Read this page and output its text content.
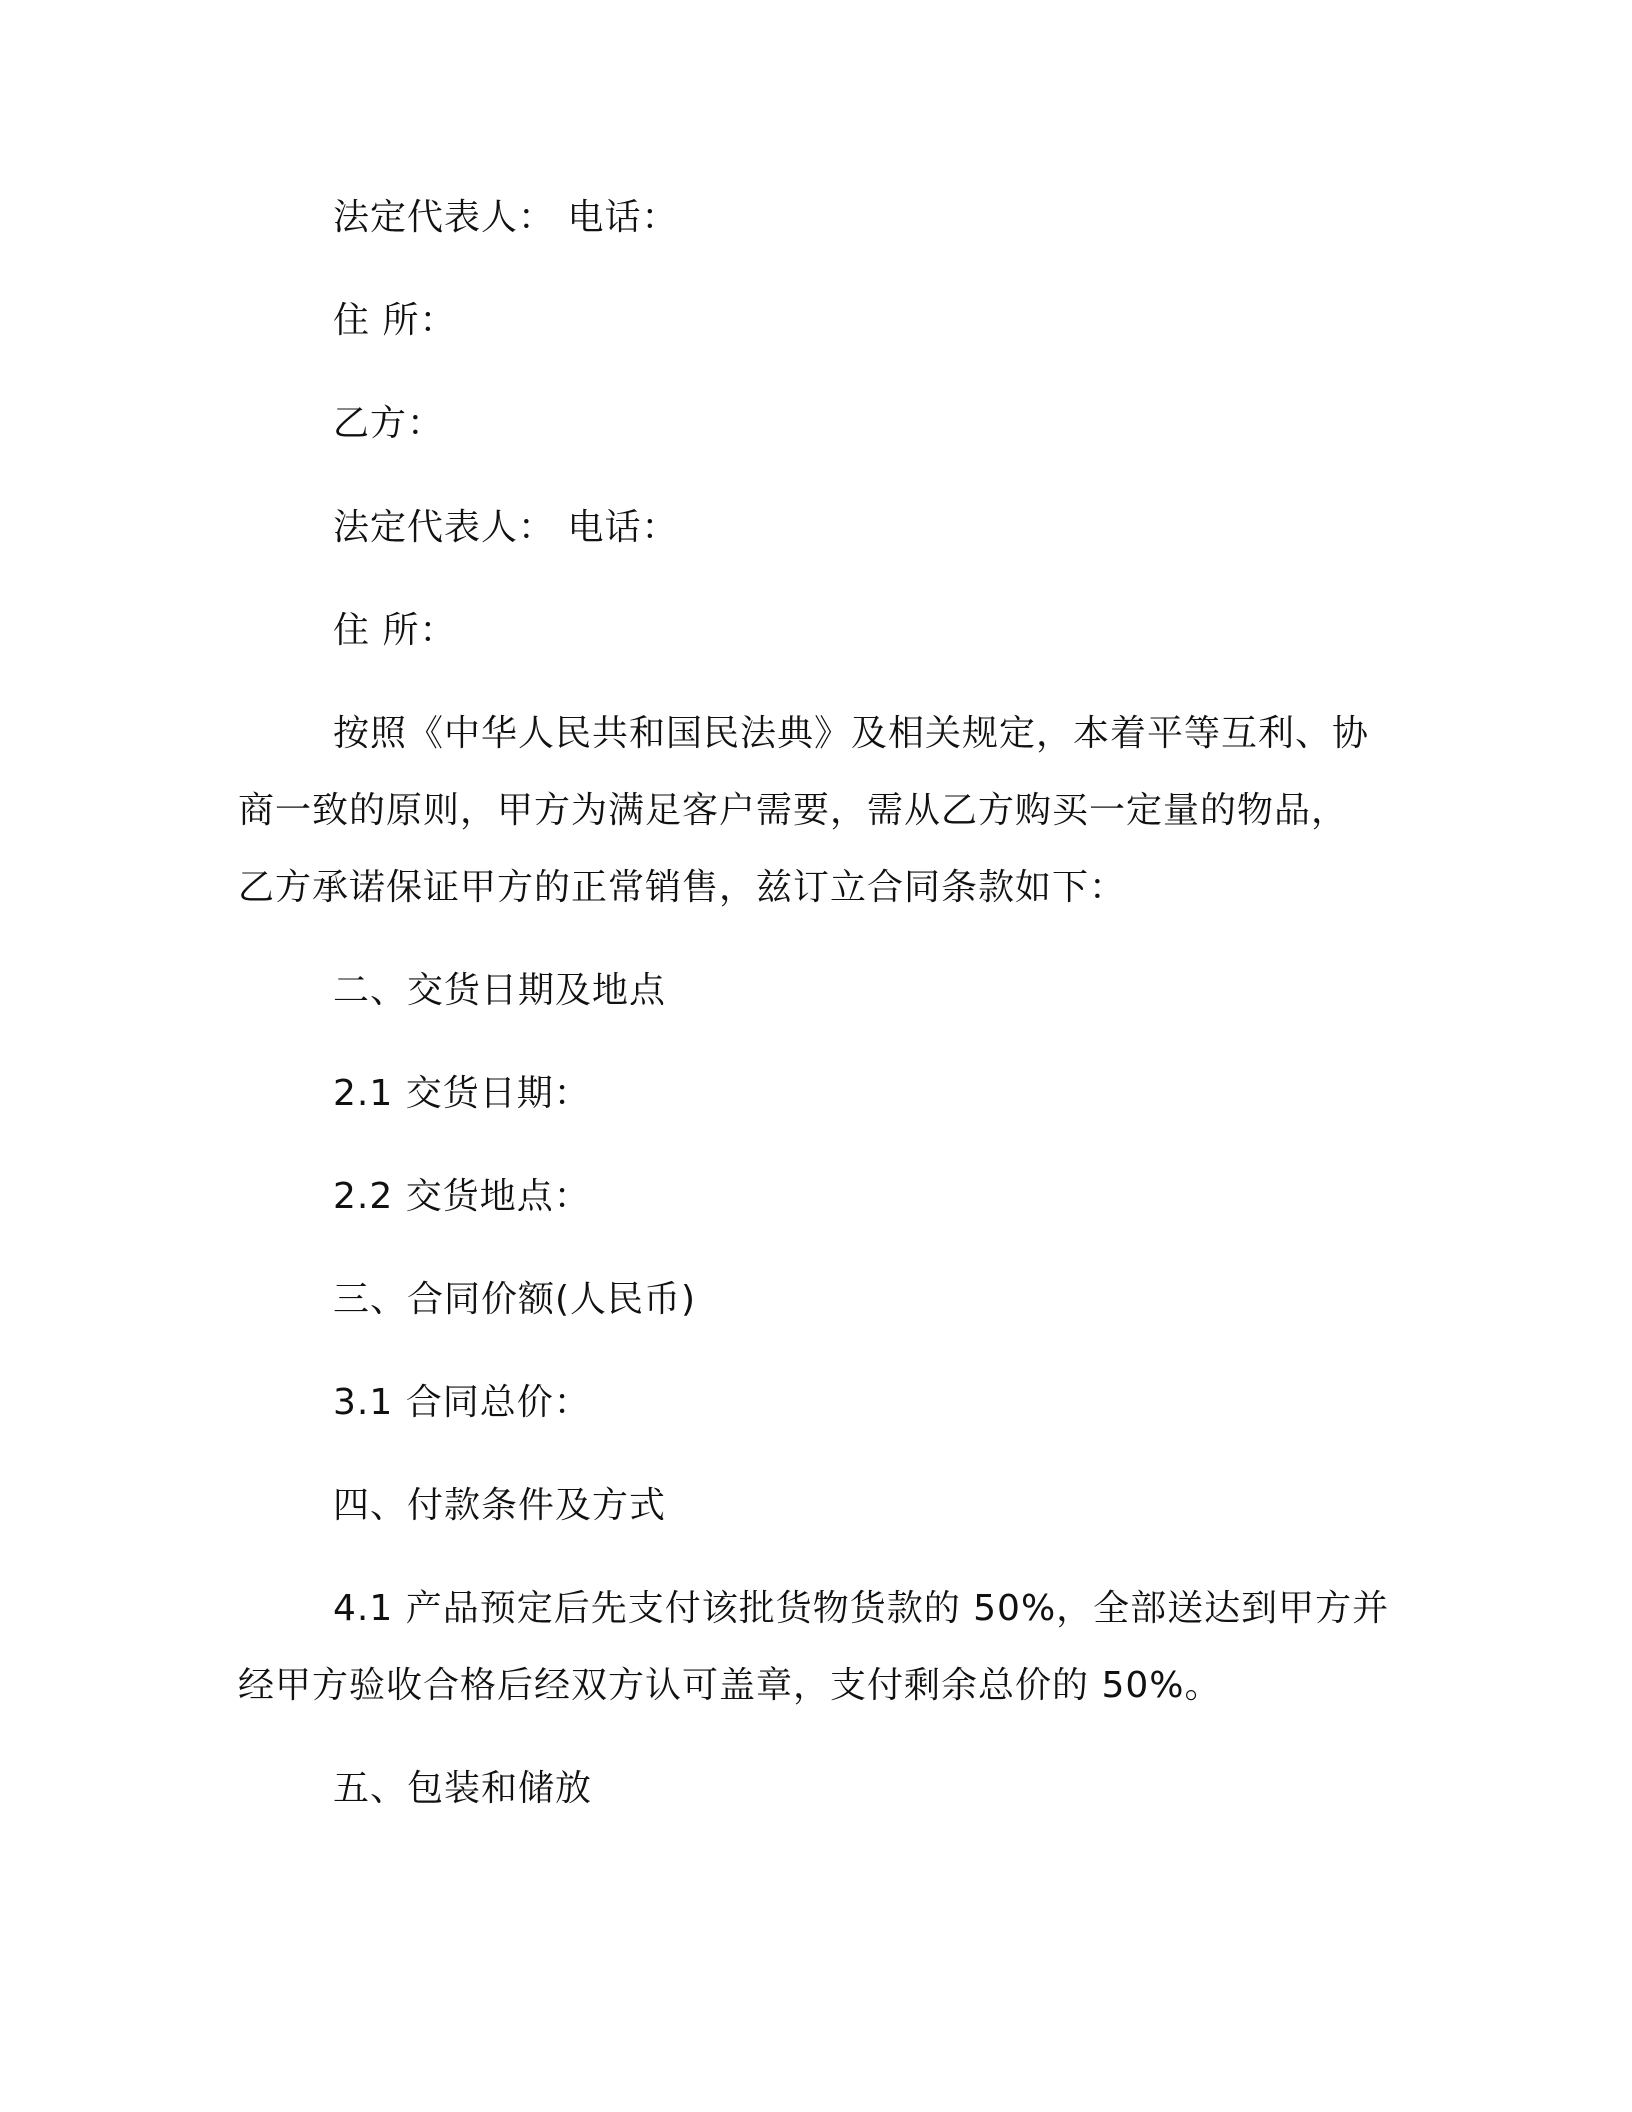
法定代表人： 电话：
住 所：
乙方：
法定代表人： 电话：
住 所：
按照《中华人民共和国民法典》及相关规定，本着平等互利、协
商一致的原则，甲方为满足客户需要，需从乙方购买一定量的物品，
乙方承诺保证甲方的正常销售，兹订立合同条款如下：
二、交货日期及地点
2.1 交货日期：
2.2 交货地点：
三、合同价额(人民币)
3.1 合同总价：
四、付款条件及方式
4.1 产品预定后先支付该批货物货款的 50%，全部送达到甲方并
经甲方验收合格后经双方认可盖章，支付剩余总价的 50%。
五、包装和储放
